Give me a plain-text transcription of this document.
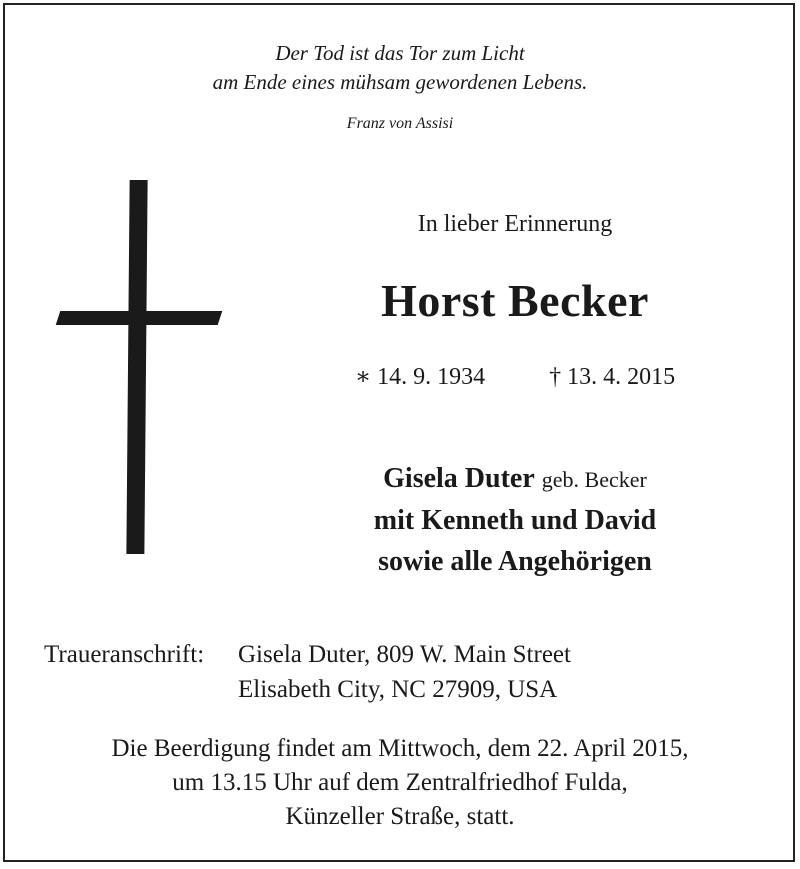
Der Tod ist das Tor zum Licht
am Ende eines mühsam gewordenen Lebens.
Franz von Assisi
In lieber Erinnerung
Horst Becker
∗ 14. 9. 1934	† 13. 4. 2015
Gisela Duter geb. Becker
mit Kenneth und David
sowie alle Angehörigen
Traueranschrift: Gisela Duter, 809 W. Main Street
Elisabeth City, NC 27909, USA
Die Beerdigung findet am Mittwoch, dem 22. April 2015,
um 13.15 Uhr auf dem Zentralfriedhof Fulda,
Künzeller Straße, statt.
